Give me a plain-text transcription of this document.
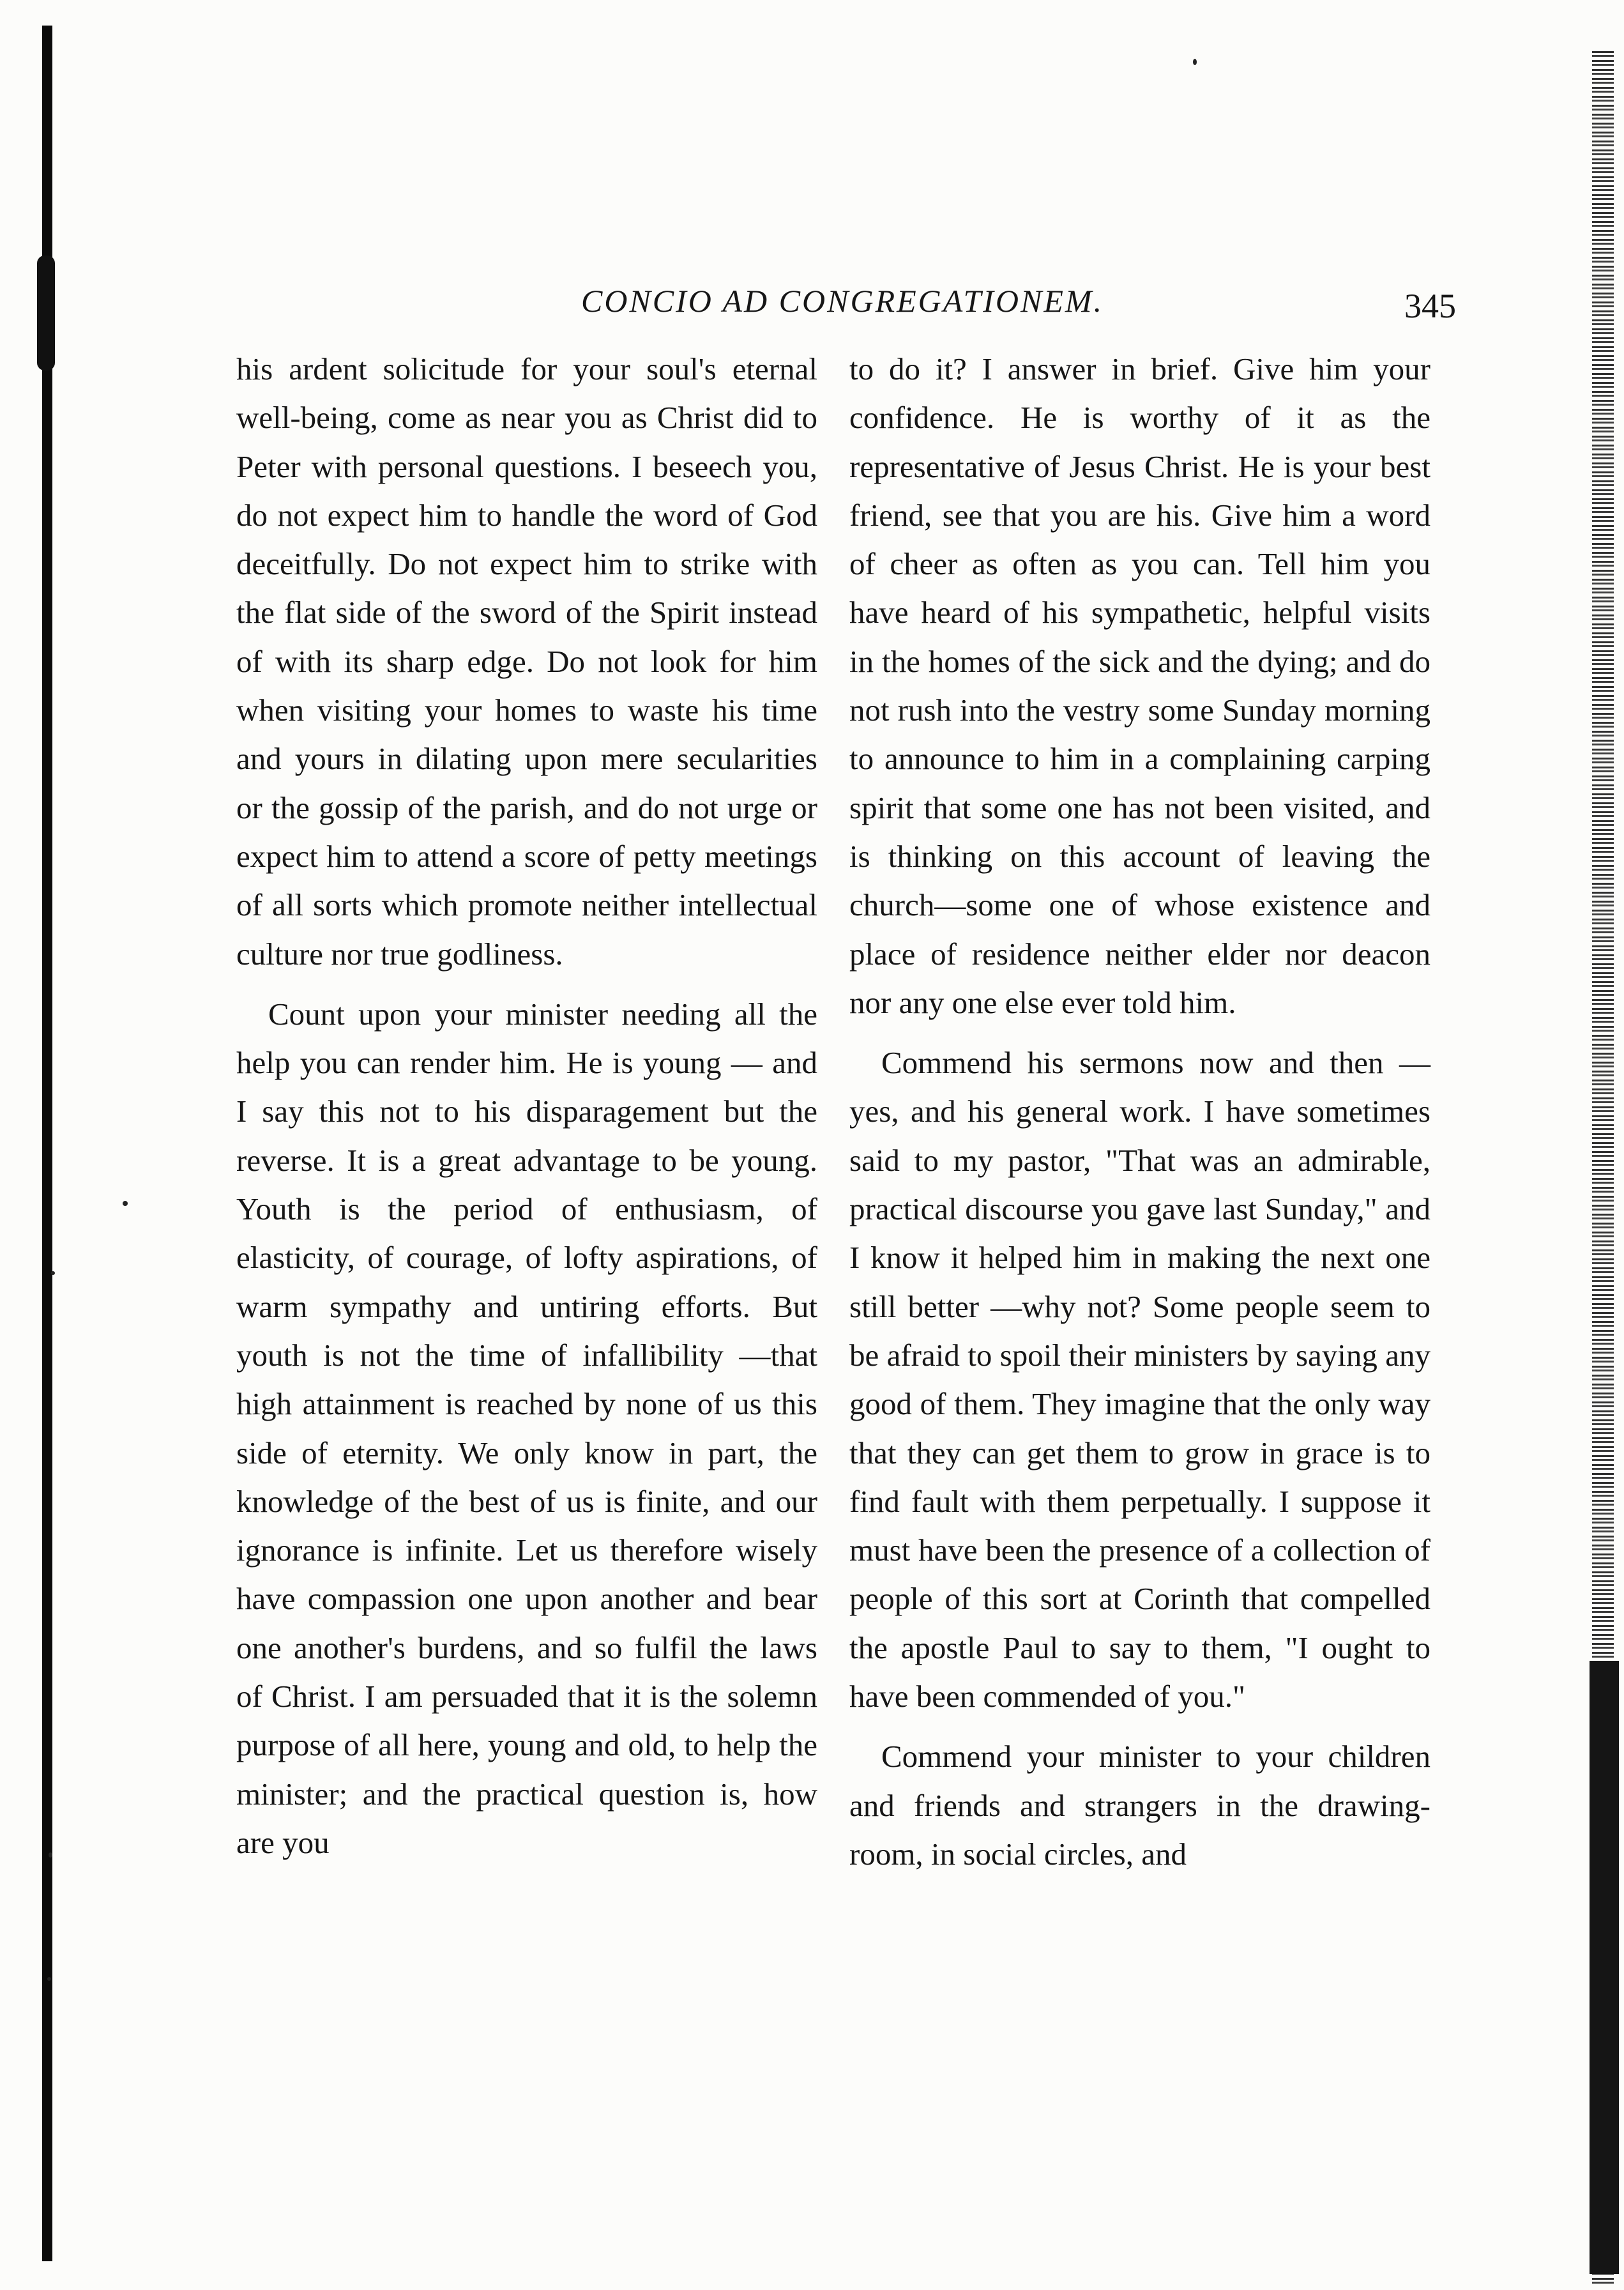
CONCIO AD CONGREGATIONEM.	345

his ardent solicitude for your soul's eternal well-being, come as near you as Christ did to Peter with personal questions. I beseech you, do not expect him to handle the word of God deceitfully. Do not expect him to strike with the flat side of the sword of the Spirit instead of with its sharp edge. Do not look for him when visiting your homes to waste his time and yours in dilating upon mere secularities or the gossip of the parish, and do not urge or expect him to attend a score of petty meetings of all sorts which promote neither intellectual culture nor true godliness.

Count upon your minister needing all the help you can render him. He is young — and I say this not to his disparagement but the reverse. It is a great advantage to be young. Youth is the period of enthusiasm, of elasticity, of courage, of lofty aspirations, of warm sympathy and untiring efforts. But youth is not the time of infallibility —that high attainment is reached by none of us this side of eternity. We only know in part, the knowledge of the best of us is finite, and our ignorance is infinite. Let us therefore wisely have compassion one upon another and bear one another's burdens, and so fulfil the laws of Christ. I am persuaded that it is the solemn purpose of all here, young and old, to help the minister; and the practical question is, how are you

to do it? I answer in brief. Give him your confidence. He is worthy of it as the representative of Jesus Christ. He is your best friend, see that you are his. Give him a word of cheer as often as you can. Tell him you have heard of his sympathetic, helpful visits in the homes of the sick and the dying; and do not rush into the vestry some Sunday morning to announce to him in a complaining carping spirit that some one has not been visited, and is thinking on this account of leaving the church—some one of whose existence and place of residence neither elder nor deacon nor any one else ever told him.

Commend his sermons now and then —yes, and his general work. I have sometimes said to my pastor, "That was an admirable, practical discourse you gave last Sunday," and I know it helped him in making the next one still better —why not? Some people seem to be afraid to spoil their ministers by saying any good of them. They imagine that the only way that they can get them to grow in grace is to find fault with them perpetually. I suppose it must have been the presence of a collection of people of this sort at Corinth that compelled the apostle Paul to say to them, "I ought to have been commended of you."

Commend your minister to your children and friends and strangers in the drawing-room, in social circles, and
